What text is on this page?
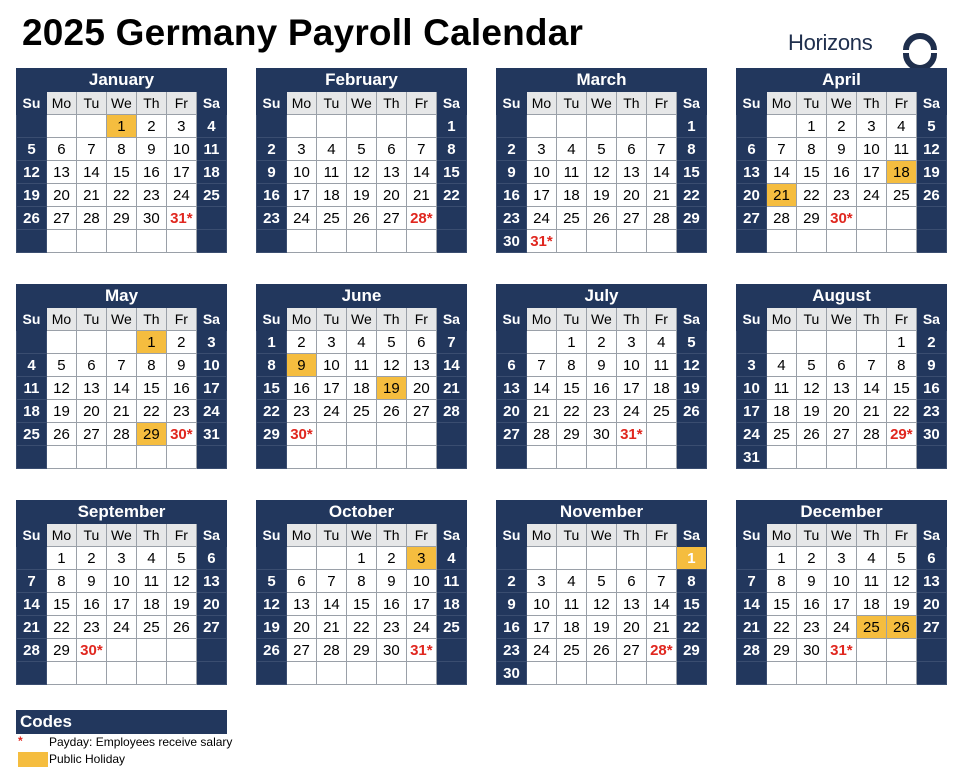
2025 Germany Payroll Calendar	Horizons
January						
Su	Mo	Tu	We	Th	Fr	Sa
			1	2	3	4
5	6	7	8	9	10	11
12	13	14	15	16	17	18
19	20	21	22	23	24	25
26	27	28	29	30	31*	

February						
Su	Mo	Tu	We	Th	Fr	Sa
						1
2	3	4	5	6	7	8
9	10	11	12	13	14	15
16	17	18	19	20	21	22
23	24	25	26	27	28*	

March						
Su	Mo	Tu	We	Th	Fr	Sa
						1
2	3	4	5	6	7	8
9	10	11	12	13	14	15
16	17	18	19	20	21	22
23	24	25	26	27	28	29
30	31*					
April						
Su	Mo	Tu	We	Th	Fr	Sa
		1	2	3	4	5
6	7	8	9	10	11	12
13	14	15	16	17	18	19
20	21	22	23	24	25	26
27	28	29	30*			

May						
Su	Mo	Tu	We	Th	Fr	Sa
				1	2	3
4	5	6	7	8	9	10
11	12	13	14	15	16	17
18	19	20	21	22	23	24
25	26	27	28	29	30*	31

June						
Su	Mo	Tu	We	Th	Fr	Sa
1	2	3	4	5	6	7
8	9	10	11	12	13	14
15	16	17	18	19	20	21
22	23	24	25	26	27	28
29	30*					

July						
Su	Mo	Tu	We	Th	Fr	Sa
		1	2	3	4	5
6	7	8	9	10	11	12
13	14	15	16	17	18	19
20	21	22	23	24	25	26
27	28	29	30	31*		

August						
Su	Mo	Tu	We	Th	Fr	Sa
					1	2
3	4	5	6	7	8	9
10	11	12	13	14	15	16
17	18	19	20	21	22	23
24	25	26	27	28	29*	30
31						
September						
Su	Mo	Tu	We	Th	Fr	Sa
	1	2	3	4	5	6
7	8	9	10	11	12	13
14	15	16	17	18	19	20
21	22	23	24	25	26	27
28	29	30*				

October						
Su	Mo	Tu	We	Th	Fr	Sa
			1	2	3	4
5	6	7	8	9	10	11
12	13	14	15	16	17	18
19	20	21	22	23	24	25
26	27	28	29	30	31*	

November						
Su	Mo	Tu	We	Th	Fr	Sa
						1
2	3	4	5	6	7	8
9	10	11	12	13	14	15
16	17	18	19	20	21	22
23	24	25	26	27	28*	29
30						
December						
Su	Mo	Tu	We	Th	Fr	Sa
	1	2	3	4	5	6
7	8	9	10	11	12	13
14	15	16	17	18	19	20
21	22	23	24	25	26	27
28	29	30	31*			

Codes
*	Payday: Employees receive salary
Public Holiday
